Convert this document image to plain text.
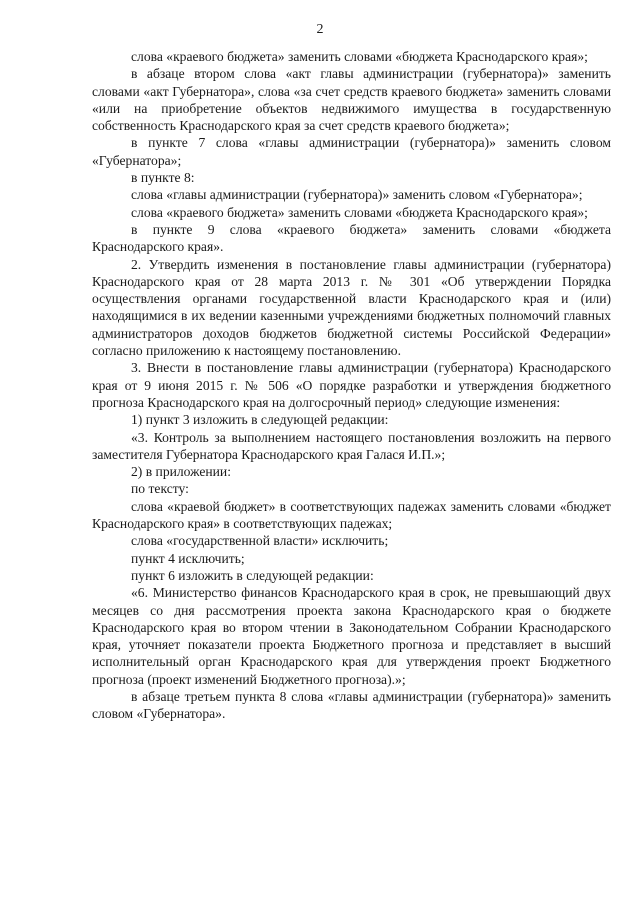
2

слова «краевого бюджета» заменить словами «бюджета Краснодарского края»;

в абзаце втором слова «акт главы администрации (губернатора)» заменить словами «акт Губернатора», слова «за счет средств краевого бюджета» заменить словами «или на приобретение объектов недвижимого имущества в государственную собственность Краснодарского края за счет средств краевого бюджета»;

в пункте 7 слова «главы администрации (губернатора)» заменить словом «Губернатора»;

в пункте 8:

слова «главы администрации (губернатора)» заменить словом «Губернатора»;

слова «краевого бюджета» заменить словами «бюджета Краснодарского края»;

в пункте 9 слова «краевого бюджета» заменить словами «бюджета Краснодарского края».

2. Утвердить изменения в постановление главы администрации (губернатора) Краснодарского края от 28 марта 2013 г. № 301 «Об утверждении Порядка осуществления органами государственной власти Краснодарского края и (или) находящимися в их ведении казенными учреждениями бюджетных полномочий главных администраторов доходов бюджетов бюджетной системы Российской Федерации» согласно приложению к настоящему постановлению.

3. Внести в постановление главы администрации (губернатора) Краснодарского края от 9 июня 2015 г. № 506 «О порядке разработки и утверждения бюджетного прогноза Краснодарского края на долгосрочный период» следующие изменения:

1) пункт 3 изложить в следующей редакции:

«3. Контроль за выполнением настоящего постановления возложить на первого заместителя Губернатора Краснодарского края Галася И.П.»;

2) в приложении:

по тексту:

слова «краевой бюджет» в соответствующих падежах заменить словами «бюджет Краснодарского края» в соответствующих падежах;

слова «государственной власти» исключить;

пункт 4 исключить;

пункт 6 изложить в следующей редакции:

«6. Министерство финансов Краснодарского края в срок, не превышающий двух месяцев со дня рассмотрения проекта закона Краснодарского края о бюджете Краснодарского края во втором чтении в Законодательном Собрании Краснодарского края, уточняет показатели проекта Бюджетного прогноза и представляет в высший исполнительный орган Краснодарского края для утверждения проект Бюджетного прогноза (проект изменений Бюджетного прогноза).»;

в абзаце третьем пункта 8 слова «главы администрации (губернатора)» заменить словом «Губернатора».
